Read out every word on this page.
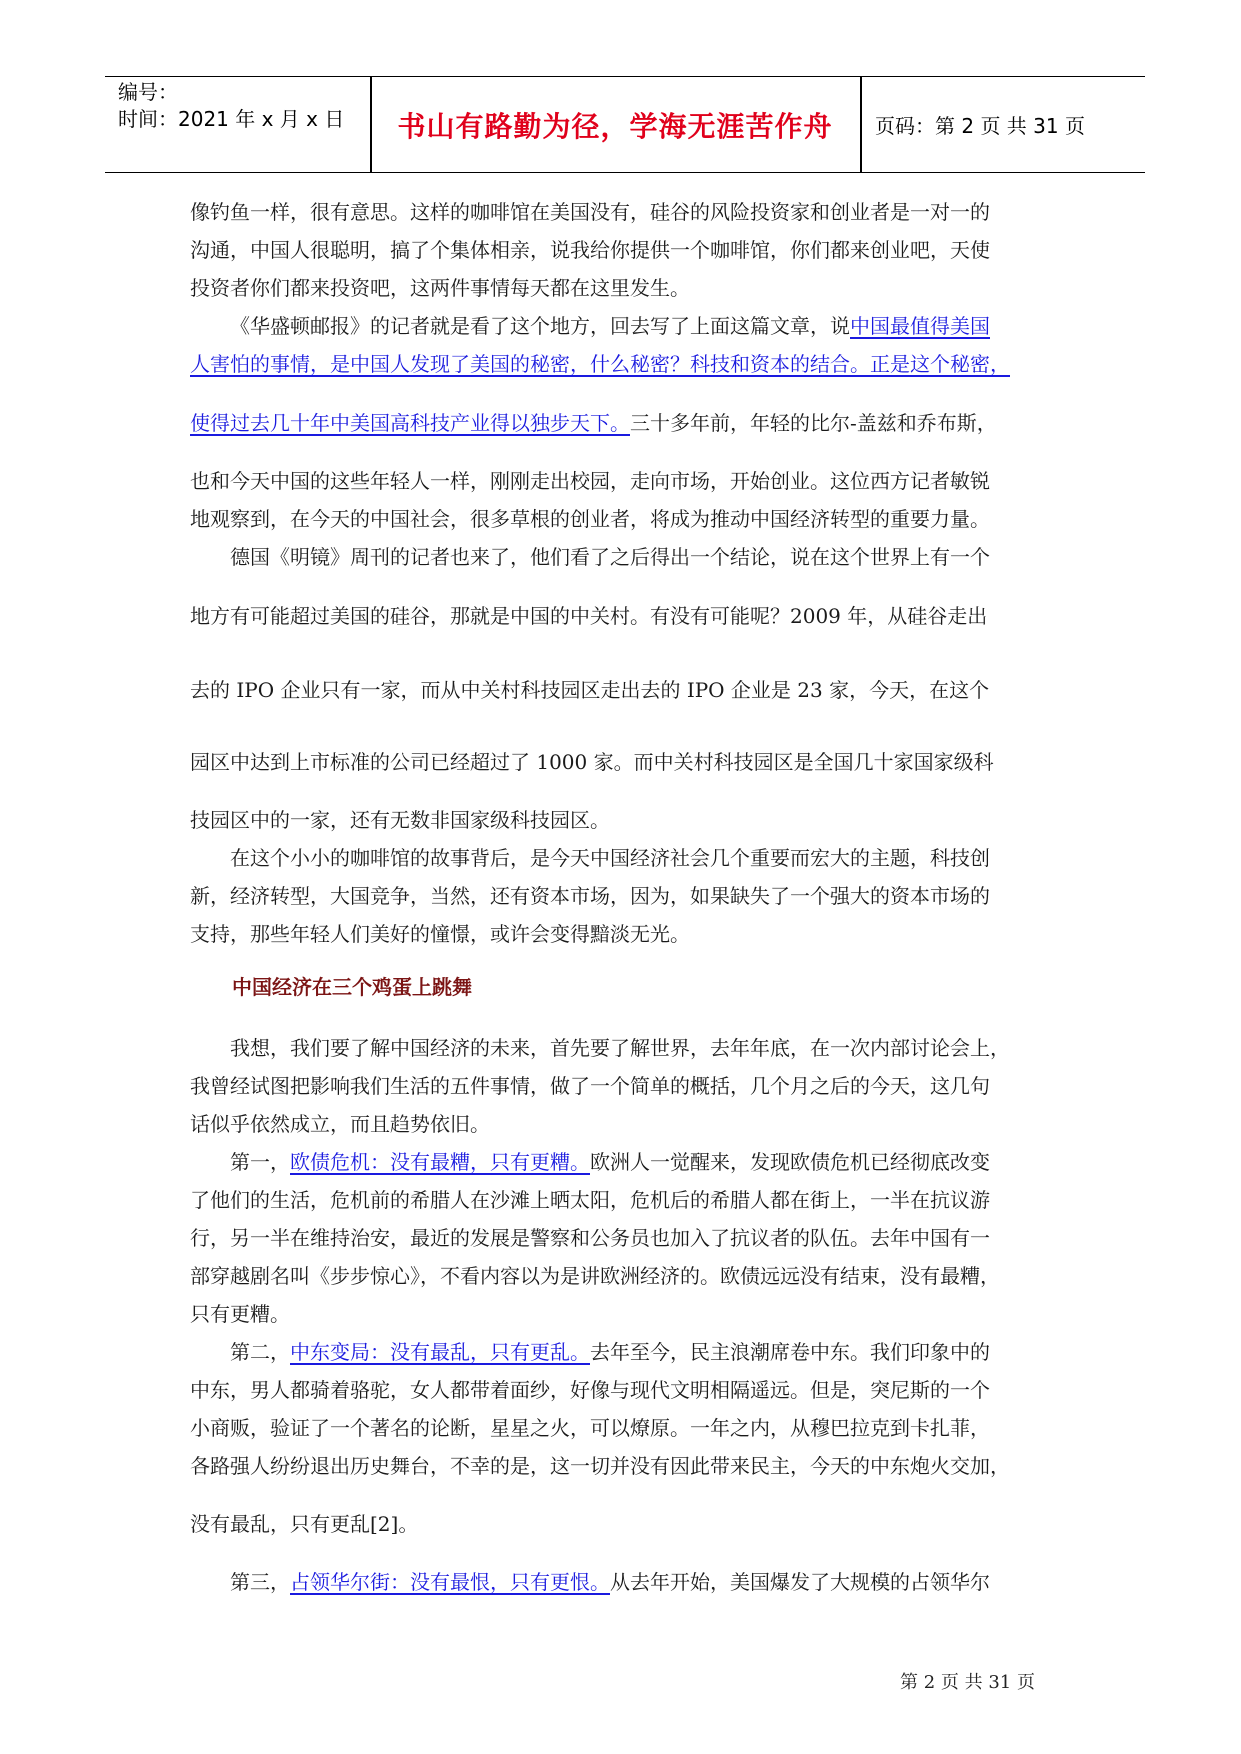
编号：
时间：2021 年 x 月 x 日	书山有路勤为径，学海无涯苦作舟	页码：第 2 页 共 31 页
像钓鱼一样，很有意思。这样的咖啡馆在美国没有，硅谷的风险投资家和创业者是一对一的
沟通，中国人很聪明，搞了个集体相亲，说我给你提供一个咖啡馆，你们都来创业吧，天使
投资者你们都来投资吧，这两件事情每天都在这里发生。
《华盛顿邮报》的记者就是看了这个地方，回去写了上面这篇文章，说中国最值得美国
人害怕的事情，是中国人发现了美国的秘密，什么秘密？科技和资本的结合。正是这个秘密，
使得过去几十年中美国高科技产业得以独步天下。三十多年前，年轻的比尔-盖兹和乔布斯，
也和今天中国的这些年轻人一样，刚刚走出校园，走向市场，开始创业。这位西方记者敏锐
地观察到，在今天的中国社会，很多草根的创业者，将成为推动中国经济转型的重要力量。
德国《明镜》周刊的记者也来了，他们看了之后得出一个结论，说在这个世界上有一个
地方有可能超过美国的硅谷，那就是中国的中关村。有没有可能呢？2009 年，从硅谷走出
去的 IPO 企业只有一家，而从中关村科技园区走出去的 IPO 企业是 23 家，今天，在这个
园区中达到上市标准的公司已经超过了 1000 家。而中关村科技园区是全国几十家国家级科
技园区中的一家，还有无数非国家级科技园区。
在这个小小的咖啡馆的故事背后，是今天中国经济社会几个重要而宏大的主题，科技创
新，经济转型，大国竞争，当然，还有资本市场，因为，如果缺失了一个强大的资本市场的
支持，那些年轻人们美好的憧憬，或许会变得黯淡无光。
中国经济在三个鸡蛋上跳舞
我想，我们要了解中国经济的未来，首先要了解世界，去年年底，在一次内部讨论会上，
我曾经试图把影响我们生活的五件事情，做了一个简单的概括，几个月之后的今天，这几句
话似乎依然成立，而且趋势依旧。
第一，欧债危机：没有最糟，只有更糟。欧洲人一觉醒来，发现欧债危机已经彻底改变
了他们的生活，危机前的希腊人在沙滩上晒太阳，危机后的希腊人都在街上，一半在抗议游
行，另一半在维持治安，最近的发展是警察和公务员也加入了抗议者的队伍。去年中国有一
部穿越剧名叫《步步惊心》，不看内容以为是讲欧洲经济的。欧债远远没有结束，没有最糟，
只有更糟。
第二，中东变局：没有最乱，只有更乱。去年至今，民主浪潮席卷中东。我们印象中的
中东，男人都骑着骆驼，女人都带着面纱，好像与现代文明相隔遥远。但是，突尼斯的一个
小商贩，验证了一个著名的论断，星星之火，可以燎原。一年之内，从穆巴拉克到卡扎菲，
各路强人纷纷退出历史舞台，不幸的是，这一切并没有因此带来民主，今天的中东炮火交加，
没有最乱，只有更乱[2]。
第三，占领华尔街：没有最恨，只有更恨。从去年开始，美国爆发了大规模的占领华尔
第 2 页 共 31 页
